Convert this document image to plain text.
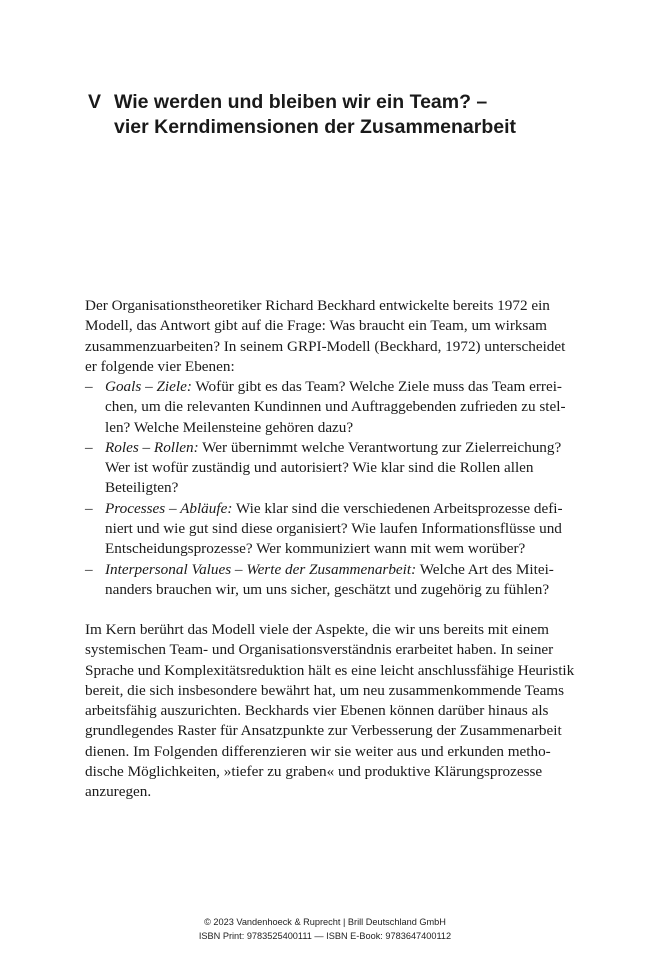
V Wie werden und bleiben wir ein Team? –
vier Kerndimensionen der Zusammenarbeit
Der Organisationstheoretiker Richard Beckhard entwickelte bereits 1972 ein
Modell, das Antwort gibt auf die Frage: Was braucht ein Team, um wirksam
zusammenzuarbeiten? In seinem GRPI-Modell (Beckhard, 1972) unterscheidet
er folgende vier Ebenen:
– Goals – Ziele: Wofür gibt es das Team? Welche Ziele muss das Team errei-
chen, um die relevanten Kundinnen und Auftraggebenden zufrieden zu stel-
len? Welche Meilensteine gehören dazu?
– Roles – Rollen: Wer übernimmt welche Verantwortung zur Zielerreichung?
Wer ist wofür zuständig und autorisiert? Wie klar sind die Rollen allen
Beteiligten?
– Processes – Abläufe: Wie klar sind die verschiedenen Arbeitsprozesse defi-
niert und wie gut sind diese organisiert? Wie laufen Informationsflüsse und
Entscheidungsprozesse? Wer kommuniziert wann mit wem worüber?
– Interpersonal Values – Werte der Zusammenarbeit: Welche Art des Mitei-
nanders brauchen wir, um uns sicher, geschätzt und zugehörig zu fühlen?
Im Kern berührt das Modell viele der Aspekte, die wir uns bereits mit einem
systemischen Team- und Organisationsverständnis erarbeitet haben. In seiner
Sprache und Komplexitätsreduktion hält es eine leicht anschlussfähige Heuristik
bereit, die sich insbesondere bewährt hat, um neu zusammenkommende Teams
arbeitsfähig auszurichten. Beckhards vier Ebenen können darüber hinaus als
grundlegendes Raster für Ansatzpunkte zur Verbesserung der Zusammenarbeit
dienen. Im Folgenden differenzieren wir sie weiter aus und erkunden metho-
dische Möglichkeiten, »tiefer zu graben« und produktive Klärungsprozesse
anzuregen.
© 2023 Vandenhoeck & Ruprecht | Brill Deutschland GmbH
ISBN Print: 9783525400111 — ISBN E-Book: 9783647400112
